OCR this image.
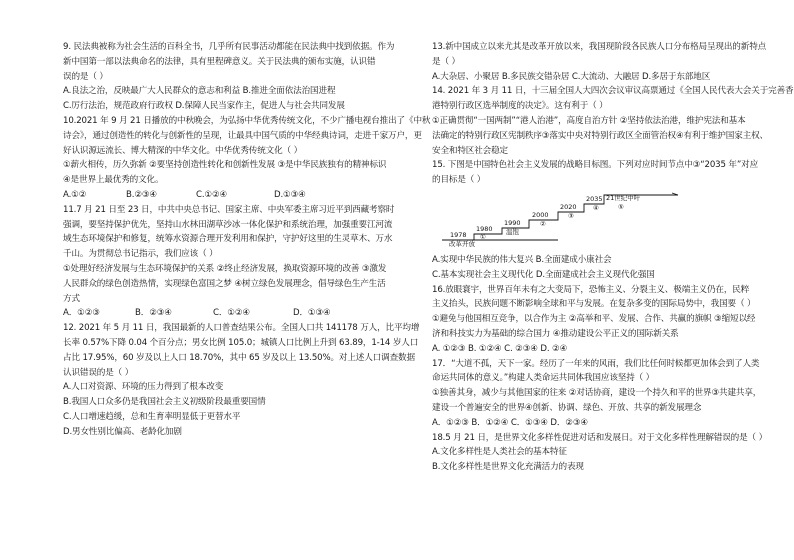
9. 民法典被称为社会生活的百科全书，几乎所有民事活动都能在民法典中找到依据。作为

新中国第一部以法典命名的法律，具有里程碑意义。关于民法典的颁布实施，认识错

误的是（ ）

A.良法之治，反映最广大人民群众的意志和利益 B.推进全面依法治国进程

C.厉行法治，规范政府行政权 D.保障人民当家作主，促进人与社会共同发展

10.2021 年 9 月 21 日播放的中秋晚会，为弘扬中华优秀传统文化，不少广播电视台推出了《中秋

诗会》，通过创造性的转化与创新性的呈现，让最具中国气质的中华经典诗词，走进千家万户，更

好认识源远流长、博大精深的中华文化。中华优秀传统文化（ ）

①薪火相传，历久弥新 ②要坚持创造性转化和创新性发展 ③是中华民族独有的精神标识

④是世界上最优秀的文化。

A.①②	B.②③④	C.①②④	D.①③④

11.7 月 21 日至 23 日，中共中央总书记、国家主席、中央军委主席习近平到西藏考察时

强调，要坚持保护优先，坚持山水林田湖草沙冰一体化保护和系统治理，加强重要江河流

域生态环境保护和修复，统筹水资源合理开发利用和保护，守护好这里的生灵草木、万水

千山。为贯彻总书记指示，我们应该（ ）

①处理好经济发展与生态环境保护的关系 ②终止经济发展，换取资源环境的改善 ③激发

人民群众的绿色创造热情，实现绿色富国之梦 ④树立绿色发展理念，倡导绿色生产生活

方式

A．①②③	B．②③④	C．①②④	D．①③④

12. 2021 年 5 月 11 日，我国最新的人口普查结果公布。全国人口共 141178 万人，比平均增

长率 0.57%下降 0.04 个百分点；男女比例 105.0；城镇人口比例上升到 63.89，1-14 岁人口

占比 17.95%，60 岁及以上人口 18.70%，其中 65 岁及以上 13.50%。对上述人口调查数据

认识错误的是（ ）

A.人口对资源、环境的压力得到了根本改变

B.我国人口众多仍是我国社会主义初级阶段最重要国情

C.人口增速趋缓，总和生育率明显低于更替水平

D.男女性别比偏高、老龄化加剧

13.新中国成立以来尤其是改革开放以来，我国现阶段各民族人口分布格局呈现出的新特点

是（ ）

A.大杂居、小聚居 B.多民族交错杂居 C.大流动、大融居 D.多居于东部地区

14. 2021 年 3 月 11 日，十三届全国人大四次会议审议高票通过《全国人民代表大会关于完善香

港特别行政区选举制度的决定》。这有利于（ ）

①正确贯彻“一国两制”“港人治港”，高度自治方针 ②坚持依法治港，维护宪法和基本

法确定的特别行政区宪制秩序③落实中央对特别行政区全面管治权④有利于维护国家主权、

安全和特区社会稳定

15. 下图是中国特色社会主义发展的战略目标图。下列对应时间节点中③“2035 年”对应

的目标是（ ）

1978
改革开放
1980
①
1990
温饱
2000
②
2020
③
2035
④
21世纪中叶
⑤

A.实现中华民族的伟大复兴 B.全面建成小康社会

C.基本实现社会主义现代化 D.全面建成社会主义现代化强国

16.放眼寰宇，世界百年未有之大变局下，恐怖主义、分裂主义、极端主义仍在，民粹

主义抬头，民族问题不断影响全球和平与发展。在复杂多变的国际局势中，我国要（ ）

①避免与他国相互竞争，以合作为主 ②高举和平、发展、合作、共赢的旗帜 ③缩短以经

济和科技实力为基础的综合国力 ④推动建设公平正义的国际新关系

A. ①②③ B. ①②④ C. ②③④ D. ②④

17．“大道不孤，天下一家。经历了一年来的风雨，我们比任何时候都更加体会到了人类

命运共同体的意义。”构建人类命运共同体我国应该坚持（ ）

①独善其身，减少与其他国家的往来 ②对话协商，建设一个持久和平的世界③共建共享，

建设一个普遍安全的世界④创新、协调、绿色、开放、共享的新发展理念

A．①②③ B．①②④ C．①③④ D．②③④

18.5 月 21 日，是世界文化多样性促进对话和发展日。对于文化多样性理解错误的是（ ）

A.文化多样性是人类社会的基本特征

B.文化多样性是世界文化充满活力的表现
